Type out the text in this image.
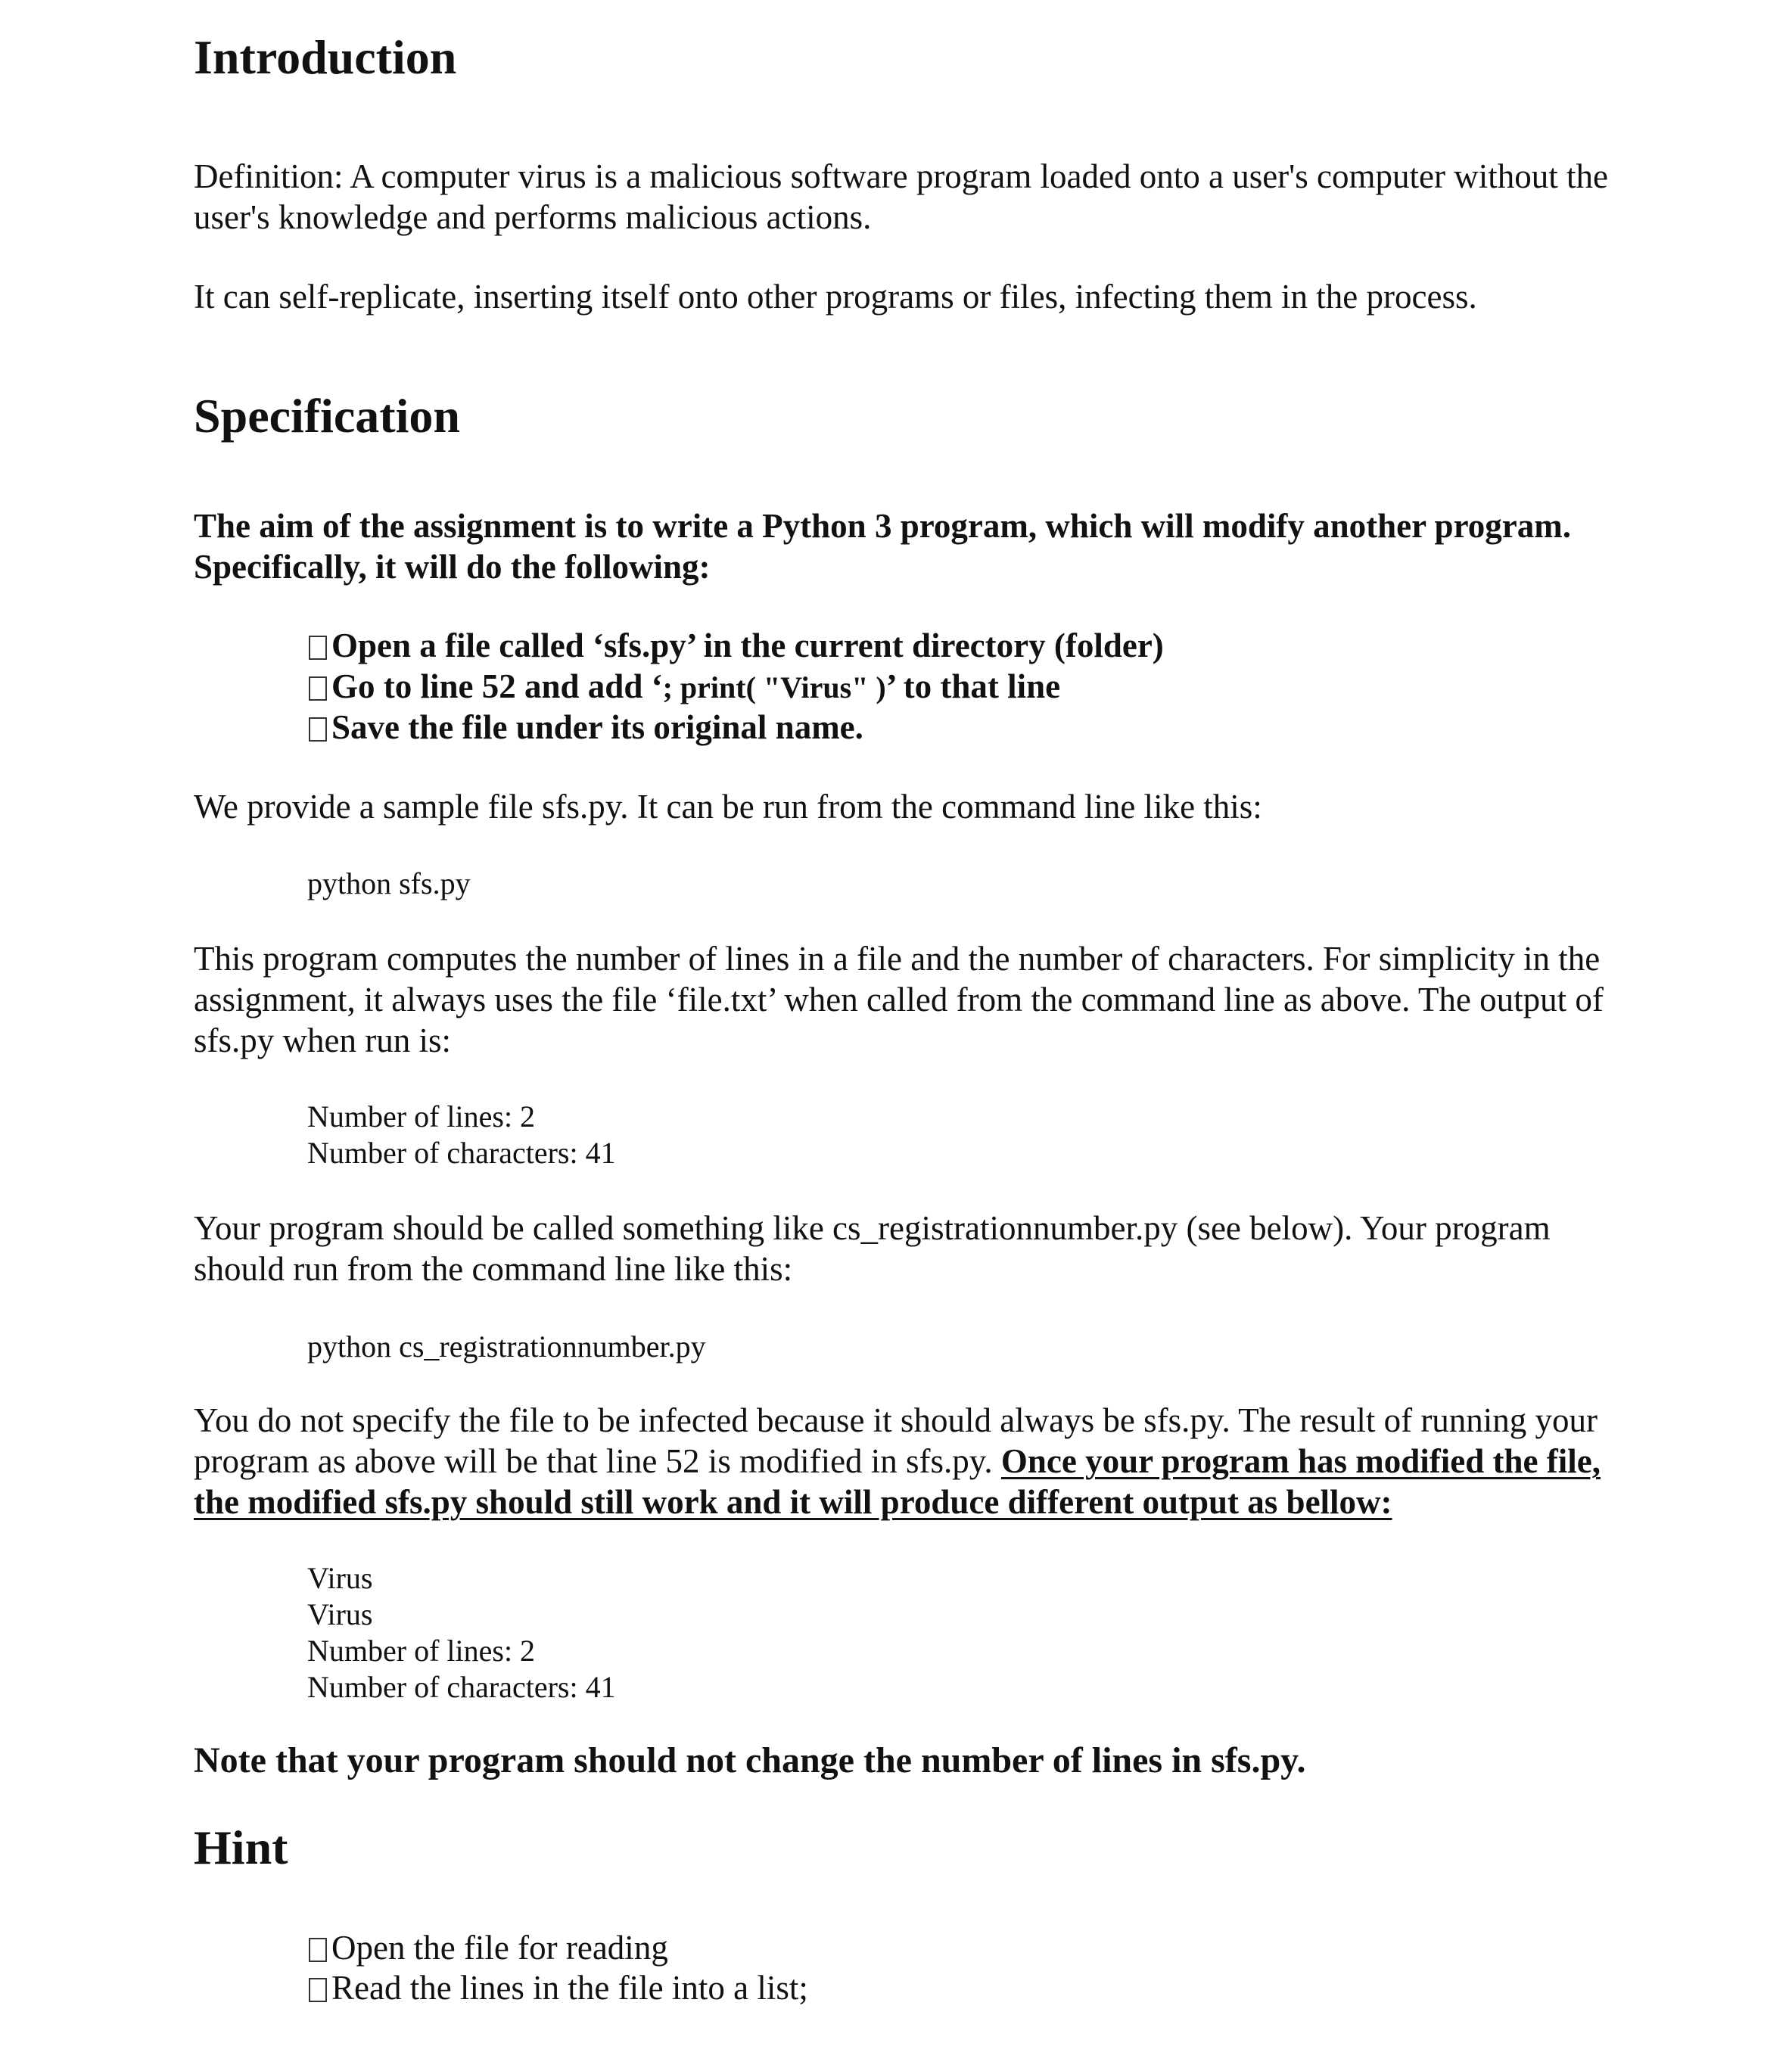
Introduction

Definition: A computer virus is a malicious software program loaded onto a user's computer without the user's knowledge and performs malicious actions.

It can self-replicate, inserting itself onto other programs or files, infecting them in the process.

Specification

The aim of the assignment is to write a Python 3 program, which will modify another program. Specifically, it will do the following:

Open a file called ‘sfs.py’ in the current directory (folder)
Go to line 52 and add ‘; print( "Virus" )’ to that line
Save the file under its original name.

We provide a sample file sfs.py. It can be run from the command line like this:

python sfs.py

This program computes the number of lines in a file and the number of characters. For simplicity in the assignment, it always uses the file ‘file.txt’ when called from the command line as above. The output of sfs.py when run is:

Number of lines: 2

Number of characters: 41

Your program should be called something like cs_registrationnumber.py (see below). Your program should run from the command line like this:

python cs_registrationnumber.py

You do not specify the file to be infected because it should always be sfs.py. The result of running your program as above will be that line 52 is modified in sfs.py. Once your program has modified the file, the modified sfs.py should still work and it will produce different output as bellow:

Virus

Virus

Number of lines: 2

Number of characters: 41

Note that your program should not change the number of lines in sfs.py.

Hint
Open the file for reading
Read the lines in the file into a list;
